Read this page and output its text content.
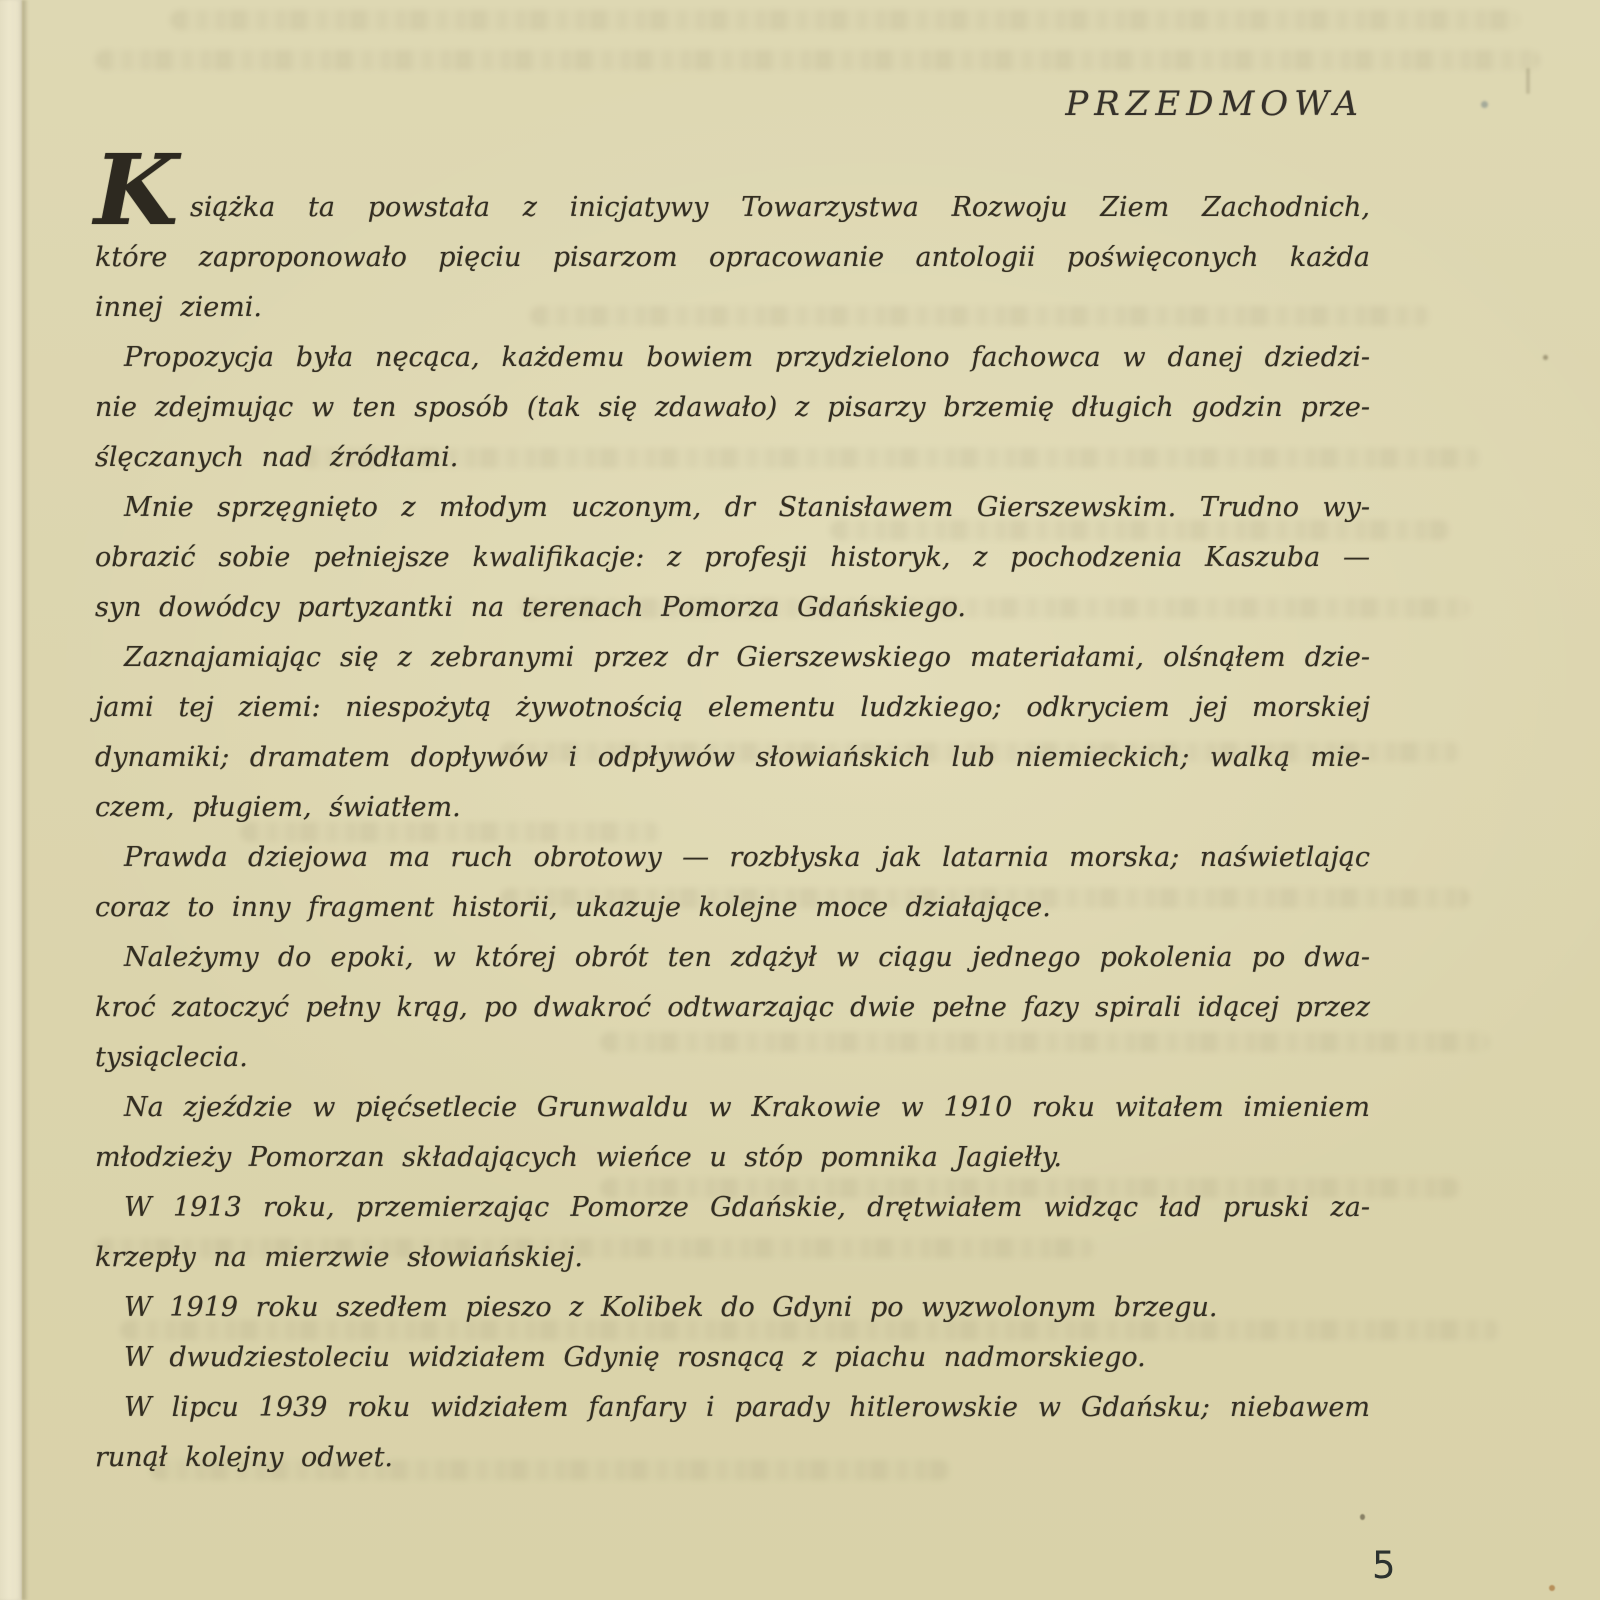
PRZEDMOWA
K siążka ta powstała z inicjatywy Towarzystwa Rozwoju Ziem Zachodnich,
które zaproponowało pięciu pisarzom opracowanie antologii poświęconych każda
innej ziemi.
Propozycja była nęcąca, każdemu bowiem przydzielono fachowca w danej dziedzi-
nie zdejmując w ten sposób (tak się zdawało) z pisarzy brzemię długich godzin prze-
ślęczanych nad źródłami.
Mnie sprzęgnięto z młodym uczonym, dr Stanisławem Gierszewskim. Trudno wy-
obrazić sobie pełniejsze kwalifikacje: z profesji historyk, z pochodzenia Kaszuba —
syn dowódcy partyzantki na terenach Pomorza Gdańskiego.
Zaznajamiając się z zebranymi przez dr Gierszewskiego materiałami, olśnąłem dzie-
jami tej ziemi: niespożytą żywotnością elementu ludzkiego; odkryciem jej morskiej
dynamiki; dramatem dopływów i odpływów słowiańskich lub niemieckich; walką mie-
czem, pługiem, światłem.
Prawda dziejowa ma ruch obrotowy — rozbłyska jak latarnia morska; naświetlając
coraz to inny fragment historii, ukazuje kolejne moce działające.
Należymy do epoki, w której obrót ten zdążył w ciągu jednego pokolenia po dwa-
kroć zatoczyć pełny krąg, po dwakroć odtwarzając dwie pełne fazy spirali idącej przez
tysiąclecia.
Na zjeździe w pięćsetlecie Grunwaldu w Krakowie w 1910 roku witałem imieniem
młodzieży Pomorzan składających wieńce u stóp pomnika Jagiełły.
W 1913 roku, przemierzając Pomorze Gdańskie, drętwiałem widząc ład pruski za-
krzepły na mierzwie słowiańskiej.
W 1919 roku szedłem pieszo z Kolibek do Gdyni po wyzwolonym brzegu.
W dwudziestoleciu widziałem Gdynię rosnącą z piachu nadmorskiego.
W lipcu 1939 roku widziałem fanfary i parady hitlerowskie w Gdańsku; niebawem
runął kolejny odwet.
5
